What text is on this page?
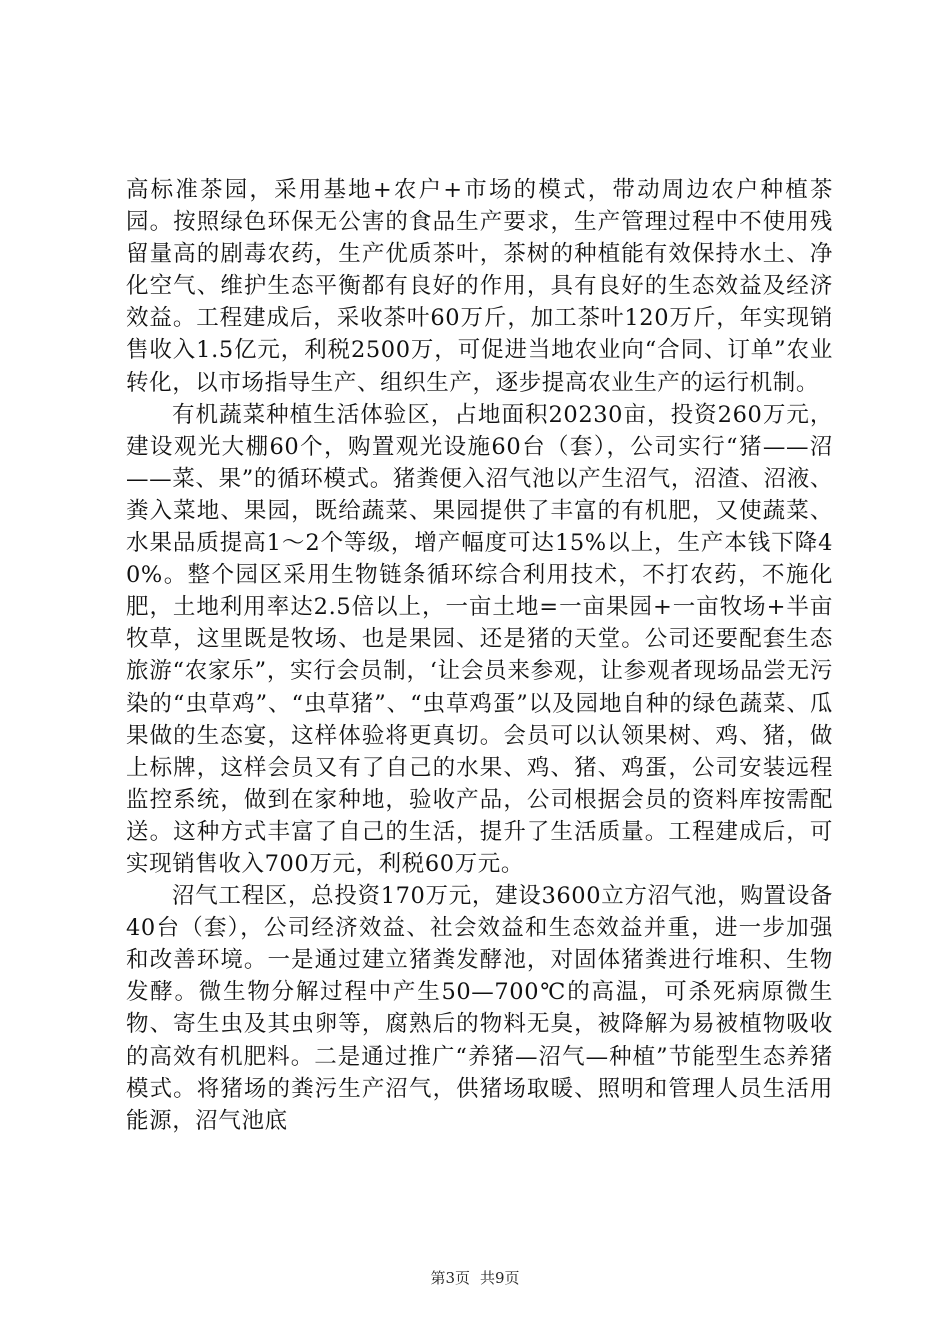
高标准茶园，采用基地+农户+市场的模式，带动周边农户种植茶园。按照绿色环保无公害的食品生产要求，生产管理过程中不使用残留量高的剧毒农药，生产优质茶叶，茶树的种植能有效保持水土、净化空气、维护生态平衡都有良好的作用，具有良好的生态效益及经济效益。工程建成后，采收茶叶60万斤，加工茶叶120万斤，年实现销售收入1.5亿元，利税2500万，可促进当地农业向“合同、订单”农业转化，以市场指导生产、组织生产，逐步提高农业生产的运行机制。

有机蔬菜种植生活体验区，占地面积20230亩，投资260万元，建设观光大棚60个，购置观光设施60台（套），公司实行“猪——沼——菜、果”的循环模式。猪粪便入沼气池以产生沼气，沼渣、沼液、粪入菜地、果园，既给蔬菜、果园提供了丰富的有机肥，又使蔬菜、水果品质提高1～2个等级，增产幅度可达15%以上，生产本钱下降40%。整个园区采用生物链条循环综合利用技术，不打农药，不施化肥，土地利用率达2.5倍以上，一亩土地=一亩果园+一亩牧场+半亩牧草，这里既是牧场、也是果园、还是猪的天堂。公司还要配套生态旅游“农家乐”，实行会员制，‘让会员来参观，让参观者现场品尝无污染的“虫草鸡”、“虫草猪”、“虫草鸡蛋”以及园地自种的绿色蔬菜、瓜果做的生态宴，这样体验将更真切。会员可以认领果树、鸡、猪，做上标牌，这样会员又有了自己的水果、鸡、猪、鸡蛋，公司安装远程监控系统，做到在家种地，验收产品，公司根据会员的资料库按需配送。这种方式丰富了自己的生活，提升了生活质量。工程建成后，可实现销售收入700万元，利税60万元。

沼气工程区，总投资170万元，建设3600立方沼气池，购置设备40台（套），公司经济效益、社会效益和生态效益并重，进一步加强和改善环境。一是通过建立猪粪发酵池，对固体猪粪进行堆积、生物发酵。微生物分解过程中产生50—700℃的高温，可杀死病原微生物、寄生虫及其虫卵等，腐熟后的物料无臭，被降解为易被植物吸收的高效有机肥料。二是通过推广“养猪—沼气—种植”节能型生态养猪模式。将猪场的粪污生产沼气，供猪场取暖、照明和管理人员生活用能源，沼气池底

第3页 共9页
